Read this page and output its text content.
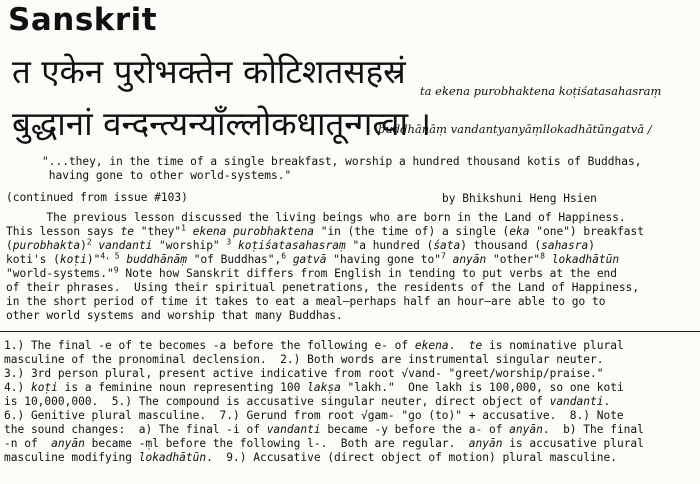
Sanskrit
त एकेन पुरोभक्तेन कोटिशतसहस्रं ta ekena purobhaktena koṭiśatasahasraṃ
बुद्धानां वन्दन्त्यन्याँल्लोकधातून्गत्वा ।
buddhānāṃ vandantyanyāṃllokadhātūngatvā /
"...they, in the time of a single breakfast, worship a hundred thousand kotis of Buddhas,
having gone to other world-systems."
(continued from issue #103)	by Bhikshuni Heng Hsien
The previous lesson discussed the living beings who are born in the Land of Happiness.
This lesson says te "they"$^1$ ekena purobhaktena "in (the time of) a single (eka "one") breakfast
(purobhakta)$^2$ vandanti "worship" $^3$ koṭiśatasahasraṃ "a hundred (śata) thousand (sahasra)
koti's (koṭi)"$^{4, 5}$ buddhānāṃ "of Buddhas",$^6$ gatvā "having gone to"$^7$ anyān "other"$^8$ lokadhātūn
"world-systems."$^9$ Note how Sanskrit differs from English in tending to put verbs at the end
of their phrases.  Using their spiritual penetrations, the residents of the Land of Happiness,
in the short period of time it takes to eat a meal—perhaps half an hour—are able to go to
other world systems and worship that many Buddhas.
1.) The final -e of te becomes -a before the following e- of ekena.  te is nominative plural
masculine of the pronominal declension.  2.) Both words are instrumental singular neuter.
3.) 3rd person plural, present active indicative from root √vand- "greet/worship/praise."
4.) koṭi is a feminine noun representing 100 lakṣa "lakh."  One lakh is 100,000, so one koti
is 10,000,000.  5.) The compound is accusative singular neuter, direct object of vandanti.
6.) Genitive plural masculine.  7.) Gerund from root √gam- "go (to)" + accusative.  8.) Note
the sound changes:  a) The final -i of vandanti became -y before the a- of anyān.  b) The final
-n of  anyān became -ṃl before the following l-.  Both are regular.  anyān is accusative plural
masculine modifying lokadhātūn.  9.) Accusative (direct object of motion) plural masculine.
